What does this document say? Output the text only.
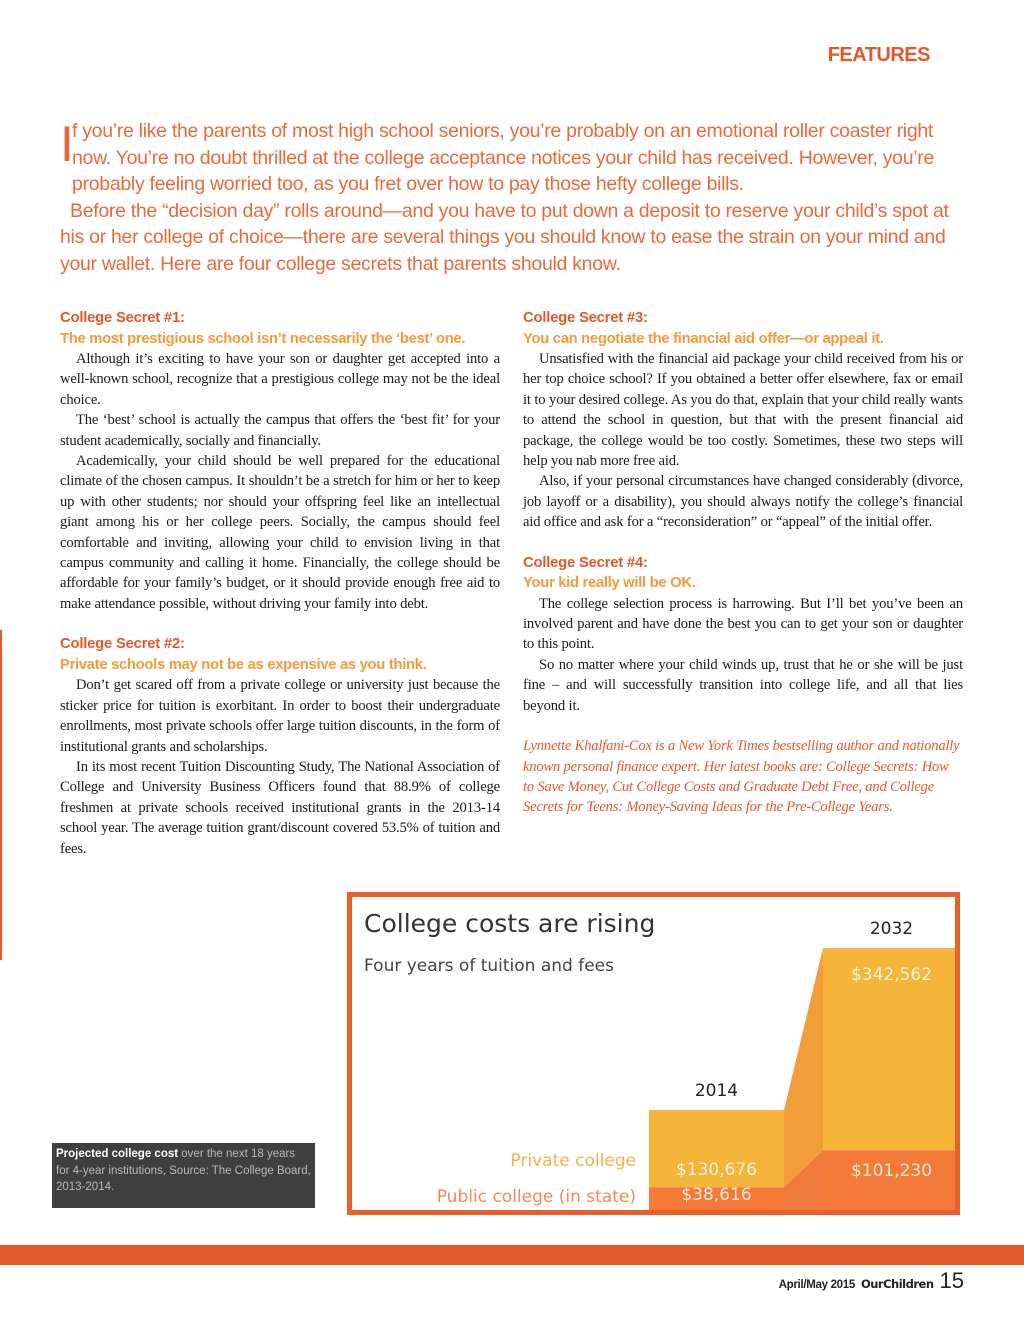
FEATURES

I
f you’re like the parents of most high school seniors, you’re probably on an emotional roller coaster right now. You’re no doubt thrilled at the college acceptance notices your child has received. However, you’re probably feeling worried too, as you fret over how to pay those hefty college bills.

Before the “decision day” rolls around—and you have to put down a deposit to reserve your child’s spot at his or her college of choice—there are several things you should know to ease the strain on your mind and your wallet. Here are four college secrets that parents should know.

College Secret #1:
The most prestigious school isn’t necessarily the ‘best’ one.

Although it’s exciting to have your son or daughter get accepted into a well-known school, recognize that a prestigious college may not be the ideal choice.

The ‘best’ school is actually the campus that offers the ‘best fit’ for your student academically, socially and financially.

Academically, your child should be well prepared for the educational climate of the chosen campus. It shouldn’t be a stretch for him or her to keep up with other students; nor should your offspring feel like an intellectual giant among his or her college peers. Socially, the campus should feel comfortable and inviting, allowing your child to envision living in that campus community and calling it home. Financially, the college should be affordable for your family’s budget, or it should provide enough free aid to make attendance possible, without driving your family into debt.

College Secret #2:
Private schools may not be as expensive as you think.

Don’t get scared off from a private college or university just because the sticker price for tuition is exorbitant. In order to boost their undergraduate enrollments, most private schools offer large tuition discounts, in the form of institutional grants and scholarships.

In its most recent Tuition Discounting Study, The National Association of College and University Business Officers found that 88.9% of college freshmen at private schools received institutional grants in the 2013-14 school year. The average tuition grant/discount covered 53.5% of tuition and fees.

College Secret #3:
You can negotiate the financial aid offer—or appeal it.

Unsatisfied with the financial aid package your child received from his or her top choice school? If you obtained a better offer elsewhere, fax or email it to your desired college. As you do that, explain that your child really wants to attend the school in question, but that with the present financial aid package, the college would be too costly. Sometimes, these two steps will help you nab more free aid.

Also, if your personal circumstances have changed considerably (divorce, job layoff or a disability), you should always notify the college’s financial aid office and ask for a “reconsideration” or “appeal” of the initial offer.

College Secret #4:
Your kid really will be OK.

The college selection process is harrowing. But I’ll bet you’ve been an involved parent and have done the best you can to get your son or daughter to this point.

So no matter where your child winds up, trust that he or she will be just fine – and will successfully transition into college life, and all that lies beyond it.

Lynnette Khalfani-Cox is a New York Times bestselling author and nationally known personal finance expert. Her latest books are: College Secrets: How to Save Money, Cut College Costs and Graduate Debt Free, and College Secrets for Teens: Money-Saving Ideas for the Pre-College Years.

$38,616
$130,676
2014
$101,230
$342,562
2032
Private college
Public college (in state)
College costs are rising
Four years of tuition and fees
Projected college cost over the next 18 years for 4-year institutions, Source: The College Board, 2013-2014.
April/May 2015 OurChildren 15
